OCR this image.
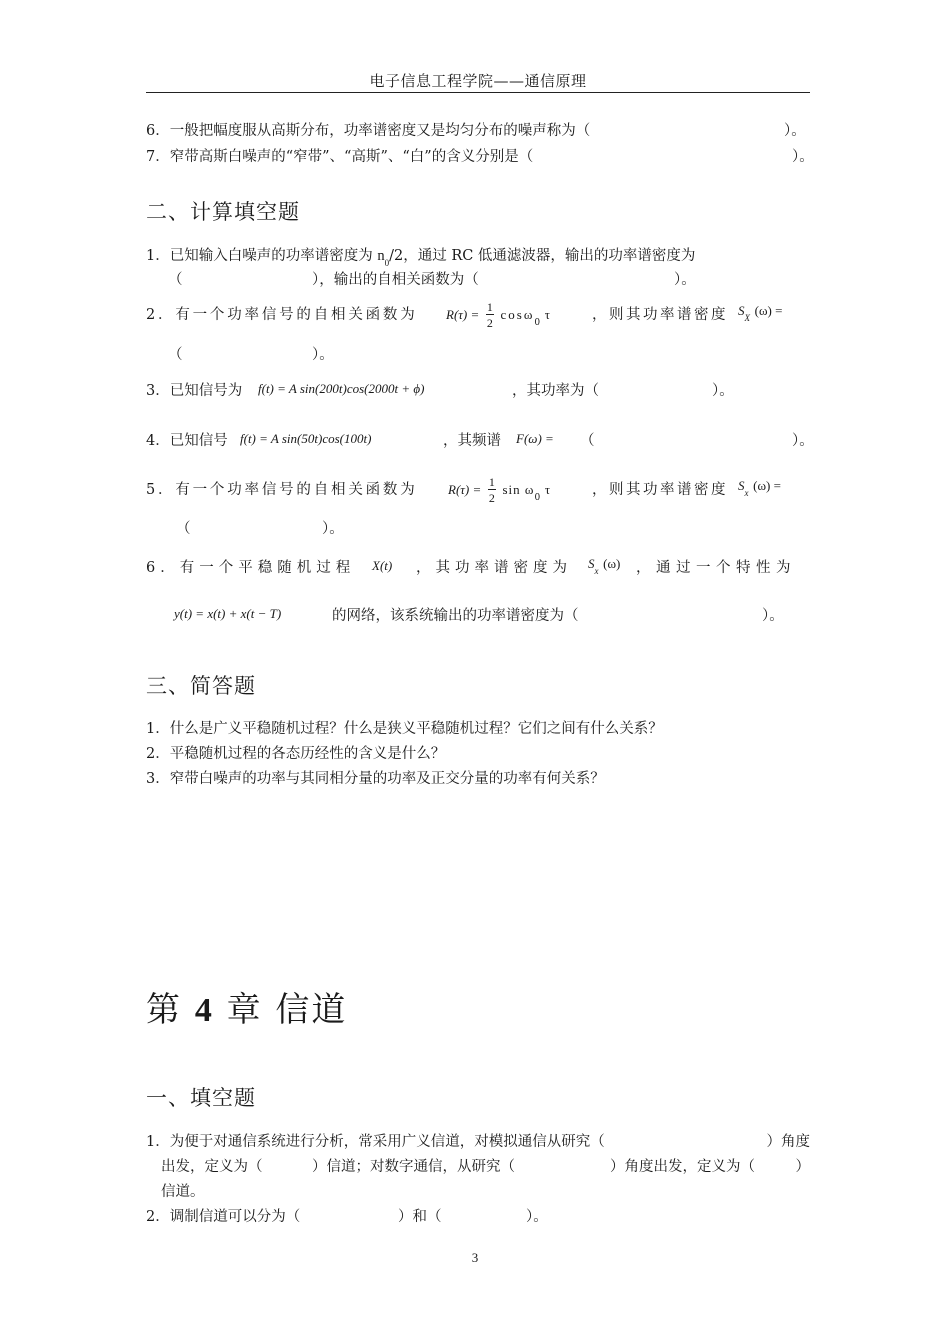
电子信息工程学院——通信原理
6．一般把幅度服从高斯分布，功率谱密度又是均匀分布的噪声称为（	）。
7．窄带高斯白噪声的“窄带”、“高斯”、“白”的含义分别是（	）。
二、计算填空题
1．已知输入白噪声的功率谱密度为 $n_0/2$，通过 RC 低通滤波器，输出的功率谱密度为
（	），输出的自相关函数为（	）。
2．有一个功率信号的自相关函数为 $R(\tau) = \frac{1}{2} \cos\omega_0$ τ	，则其功率谱密度 $S_X$ (ω) =
（	）。
3．已知信号为 f(t) = A sin(200t)cos(2000t + ϕ)	，其功率为（	）。
4．已知信号 f(t) = A sin(50t)cos(100t)	，其频谱 F(ω) = （	）。
5．有一个功率信号的自相关函数为 $R(\tau) = \frac{1}{2}$ $\sin \omega_0$ τ	，则其功率谱密度 $S_x$ (ω) =
（	）。
6．有一个平稳随机过程 X(t) ，其功率谱密度为 $S_x$ (ω) ，通过一个特性为
y(t) = x(t) + x(t − T)	的网络，该系统输出的功率谱密度为（	）。
三、简答题
1．什么是广义平稳随机过程？什么是狭义平稳随机过程？它们之间有什么关系？
2．平稳随机过程的各态历经性的含义是什么？
3．窄带白噪声的功率与其同相分量的功率及正交分量的功率有何关系？
第 4 章 信道
一、填空题
1．为便于对通信系统进行分析，常采用广义信道，对模拟通信从研究（	）角度
出发，定义为（	）信道；对数字通信，从研究（	）角度出发，定义为（	）
信道。
2．调制信道可以分为（	）和（	）。
3
